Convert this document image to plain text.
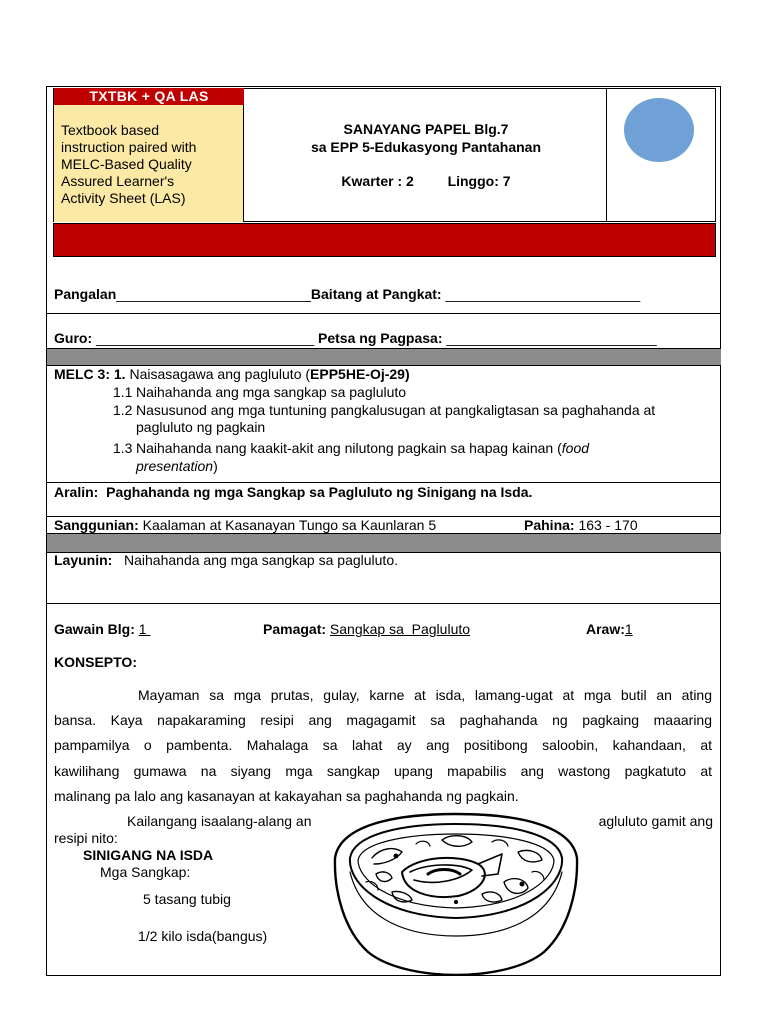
TXTBK + QA LAS
Textbook based
instruction paired with
MELC-Based Quality
Assured Learner's
Activity Sheet (LAS)
SANAYANG PAPEL Blg.7
sa EPP 5-Edukasyong Pantahanan
Kwarter : 2 Linggo: 7
Pangalan_________________________Baitang at Pangkat: _________________________
Guro: ____________________________ Petsa ng Pagpasa: ___________________________
MELC 3: 1. Naisasagawa ang pagluluto (EPP5HE-Oj-29)
1.1 Naihahanda ang mga sangkap sa pagluluto
1.2 Nasusunod ang mga tuntuning pangkalusugan at pangkaligtasan sa paghahanda at
pagluluto ng pagkain
1.3 Naihahanda nang kaakit-akit ang nilutong pagkain sa hapag kainan (food
presentation)
Aralin:  Paghahanda ng mga Sangkap sa Pagluluto ng Sinigang na Isda.
Sanggunian: Kaalaman at Kasanayan Tungo sa Kaunlaran 5	Pahina: 163 - 170
Layunin:   Naihahanda ang mga sangkap sa pagluluto.
Gawain Blg: 1	Pamagat: Sangkap sa  Pagluluto	Araw:1
KONSEPTO:
Mayaman sa mga prutas, gulay, karne at isda, lamang-ugat at mga butil an ating
bansa. Kaya napakaraming resipi ang magagamit sa paghahanda ng pagkaing maaaring
pampamilya o pambenta. Mahalaga sa lahat ay ang positibong saloobin, kahandaan, at
kawilihang gumawa na siyang mga sangkap upang mapabilis ang wastong pagkatuto at
malinang pa lalo ang kasanayan at kakayahan sa paghahanda ng pagkain.
Kailangang isaalang-alang an	agluluto gamit ang
resipi nito:
SINIGANG NA ISDA
Mga Sangkap:
5 tasang tubig
1/2 kilo isda(bangus)
